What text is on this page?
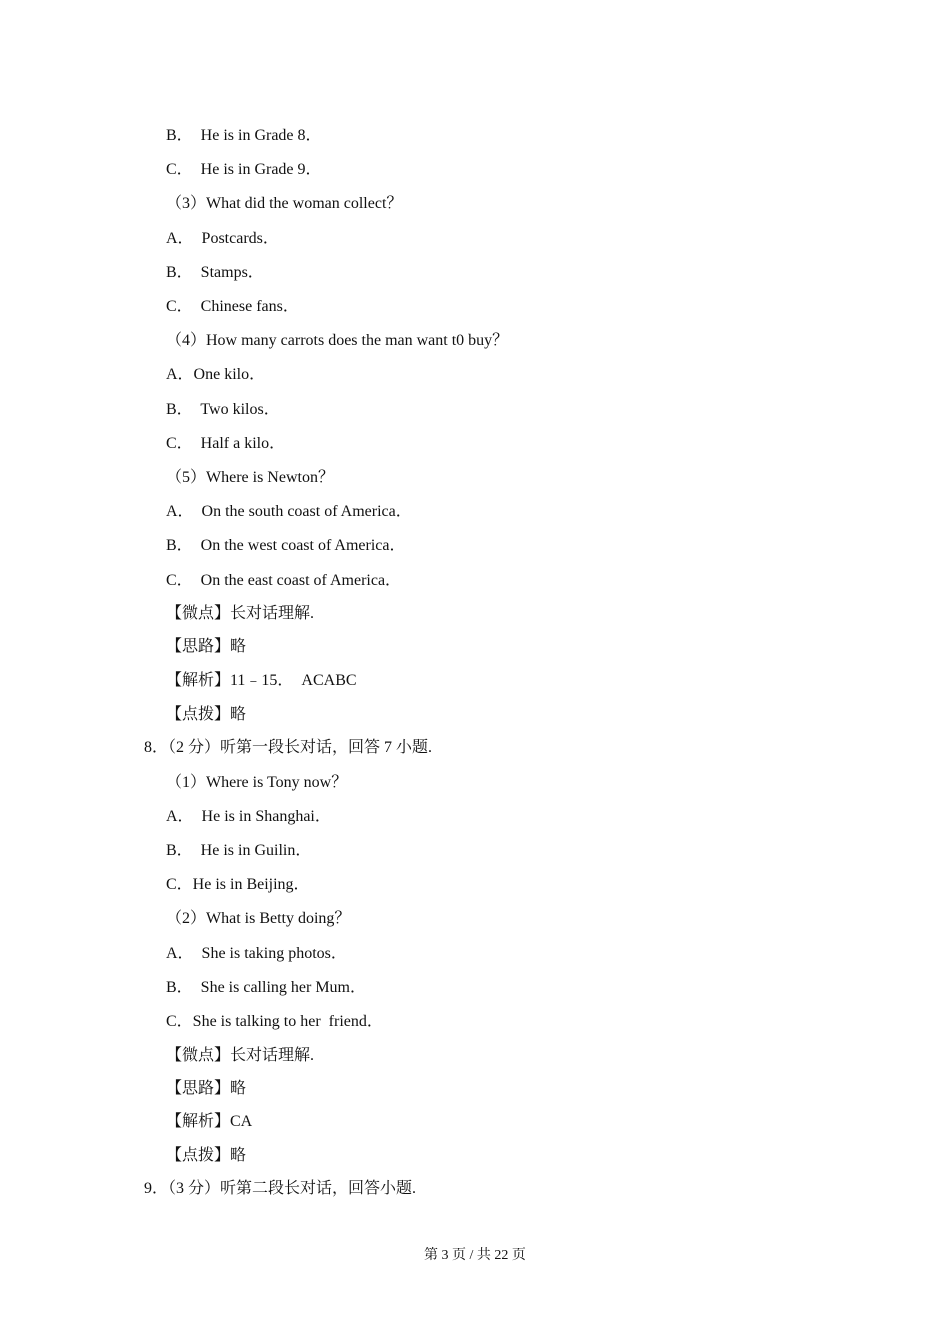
B．  He is in Grade 8．
C．  He is in Grade 9．
（3）What did the woman collect？
A．  Postcards．
B．  Stamps．
C．  Chinese fans．
（4）How many carrots does the man want t0 buy？
A．One kilo．
B．  Two kilos．
C．  Half a kilo．
（5）Where is Newton？
A．  On the south coast of America．
B．  On the west coast of America．
C．  On the east coast of America．
【微点】长对话理解.
【思路】略
【解析】11﹣15．  ACABC
【点拨】略
8．（2 分）听第一段长对话，回答 7 小题.
（1）Where is Tony now？
A．  He is in Shanghai．
B．  He is in Guilin．
C．He is in Beijing．
（2）What is Betty doing？
A．  She is taking photos．
B．  She is calling her Mum．
C．She is talking to her  friend．
【微点】长对话理解.
【思路】略
【解析】CA
【点拨】略
9．（3 分）听第二段长对话，回答小题.
第 3 页 / 共 22 页
